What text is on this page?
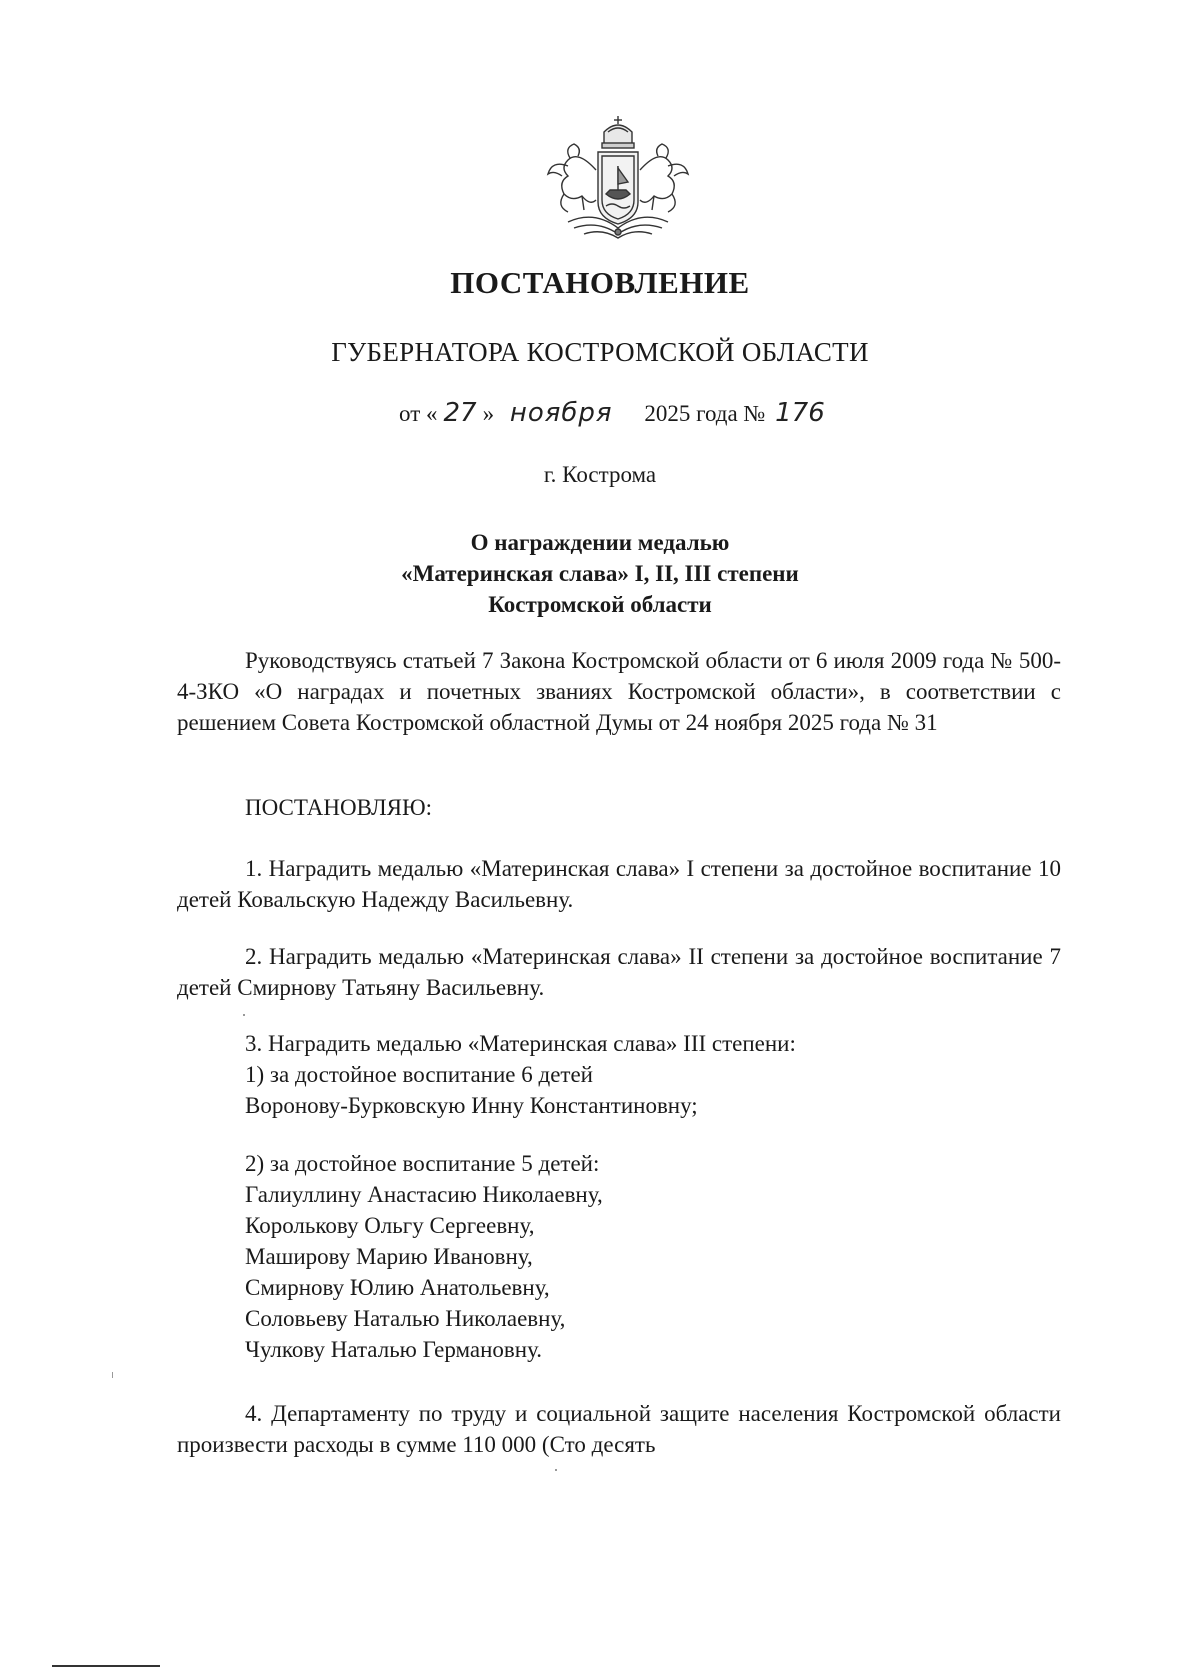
ПОСТАНОВЛЕНИЕ
ГУБЕРНАТОРА КОСТРОМСКОЙ ОБЛАСТИ
от « 27 » ноября 2025 года № 176
г. Кострома
О награждении медалью
«Материнская слава» I, II, III степени
Костромской области
Руководствуясь статьей 7 Закона Костромской области от 6 июля 2009 года № 500-4-ЗКО «О наградах и почетных званиях Костромской области», в соответствии с решением Совета Костромской областной Думы от 24 ноября 2025 года № 31
ПОСТАНОВЛЯЮ:
1. Наградить медалью «Материнская слава» I степени за достойное воспитание 10 детей Ковальскую Надежду Васильевну.
2. Наградить медалью «Материнская слава» II степени за достойное воспитание 7 детей Смирнову Татьяну Васильевну.
3. Наградить медалью «Материнская слава» III степени:
1) за достойное воспитание 6 детей
Воронову-Бурковскую Инну Константиновну;
2) за достойное воспитание 5 детей:
Галиуллину Анастасию Николаевну,
Королькову Ольгу Сергеевну,
Маширову Марию Ивановну,
Смирнову Юлию Анатольевну,
Соловьеву Наталью Николаевну,
Чулкову Наталью Германовну.
4. Департаменту по труду и социальной защите населения Костромской области произвести расходы в сумме 110 000 (Сто десять
